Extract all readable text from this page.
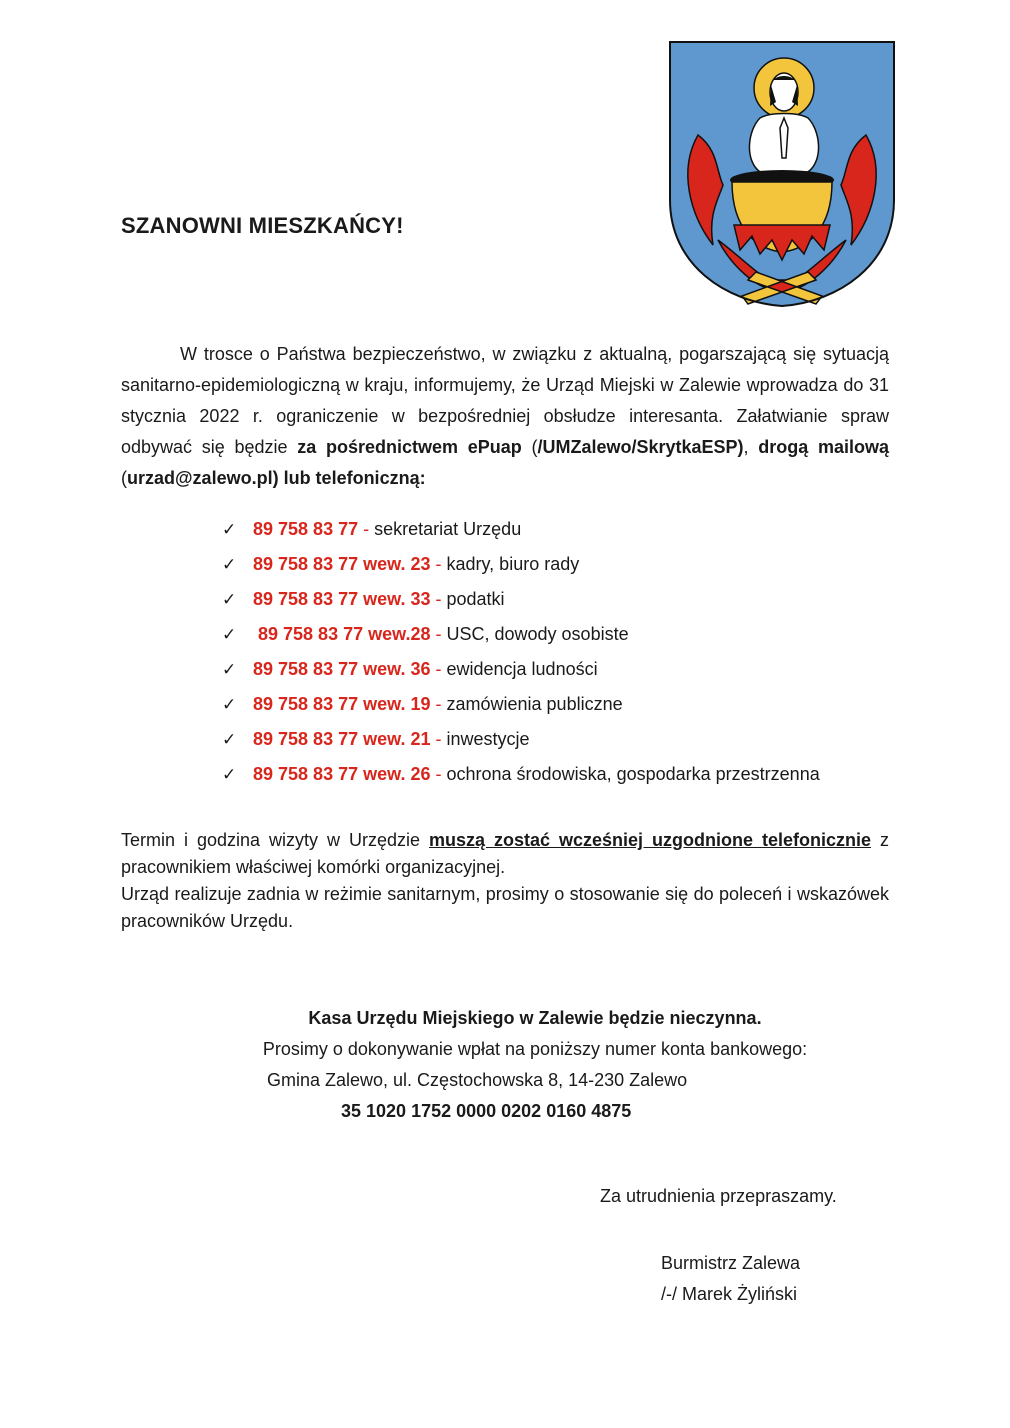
SZANOWNI MIESZKAŃCY!
W trosce o Państwa bezpieczeństwo, w związku z aktualną, pogarszającą się sytuacją sanitarno-epidemiologiczną w kraju, informujemy, że Urząd Miejski w Zalewie wprowadza do 31 stycznia 2022 r. ograniczenie w bezpośredniej obsłudze interesanta. Załatwianie spraw odbywać się będzie za pośrednictwem ePuap (/UMZalewo/SkrytkaESP), drogą mailową (urzad@zalewo.pl) lub telefoniczną:
✓ 89 758 83 77 - sekretariat Urzędu
✓ 89 758 83 77 wew. 23 - kadry, biuro rady
✓ 89 758 83 77 wew. 33 - podatki
✓ 89 758 83 77 wew.28 - USC, dowody osobiste
✓ 89 758 83 77 wew. 36 - ewidencja ludności
✓ 89 758 83 77 wew. 19 - zamówienia publiczne
✓ 89 758 83 77 wew. 21 - inwestycje
✓ 89 758 83 77 wew. 26 - ochrona środowiska, gospodarka przestrzenna
Termin i godzina wizyty w Urzędzie muszą zostać wcześniej uzgodnione telefonicznie z pracownikiem właściwej komórki organizacyjnej.
Urząd realizuje zadnia w reżimie sanitarnym, prosimy o stosowanie się do poleceń i wskazówek pracowników Urzędu.
Kasa Urzędu Miejskiego w Zalewie będzie nieczynna.
Prosimy o dokonywanie wpłat na poniższy numer konta bankowego:
Gmina Zalewo, ul. Częstochowska 8, 14-230 Zalewo
35 1020 1752 0000 0202 0160 4875
Za utrudnienia przepraszamy.
Burmistrz Zalewa
/-/ Marek Żyliński
